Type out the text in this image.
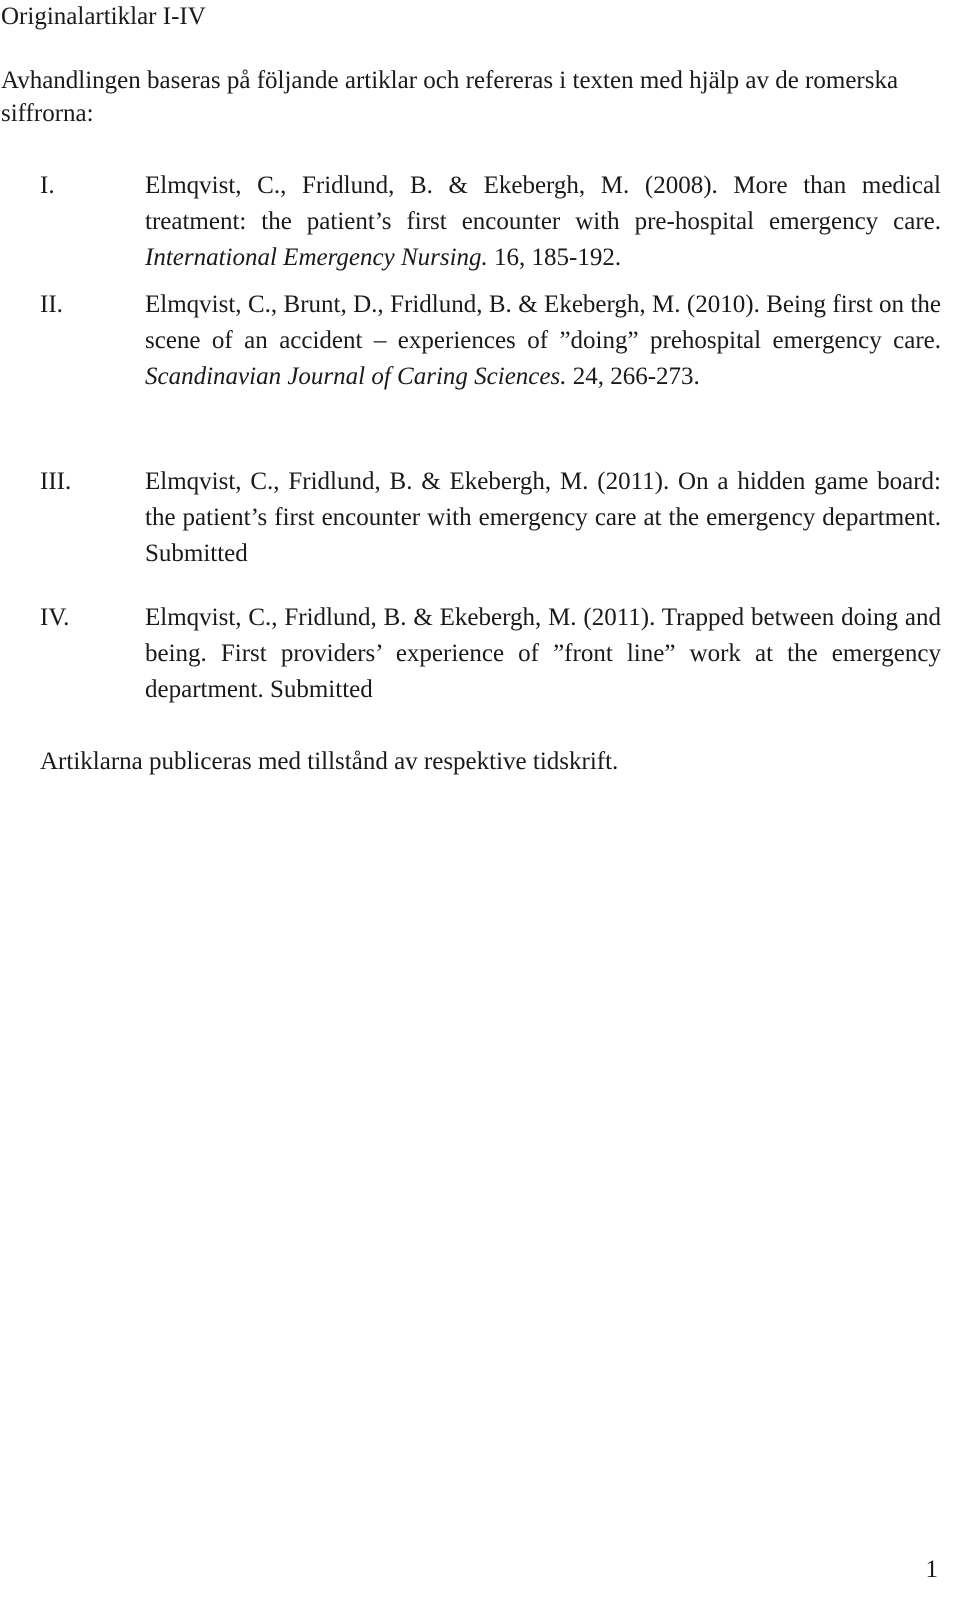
Originalartiklar I-IV

Avhandlingen baseras på följande artiklar och refereras i texten med hjälp av de romerska siffrorna:

I.	Elmqvist, C., Fridlund, B. & Ekebergh, M. (2008). More than medical treatment: the patient’s first encounter with pre-hospital emergency care. International Emergency Nursing. 16, 185-192.
II.	Elmqvist, C., Brunt, D., Fridlund, B. & Ekebergh, M. (2010). Being first on the scene of an accident – experiences of ”doing” prehospital emergency care. Scandinavian Journal of Caring Sciences. 24, 266-273.
III.	Elmqvist, C., Fridlund, B. & Ekebergh, M. (2011). On a hidden game board: the patient’s first encounter with emergency care at the emergency department. Submitted
IV.	Elmqvist, C., Fridlund, B. & Ekebergh, M. (2011). Trapped between doing and being. First providers’ experience of ”front line” work at the emergency department. Submitted

Artiklarna publiceras med tillstånd av respektive tidskrift.

1
